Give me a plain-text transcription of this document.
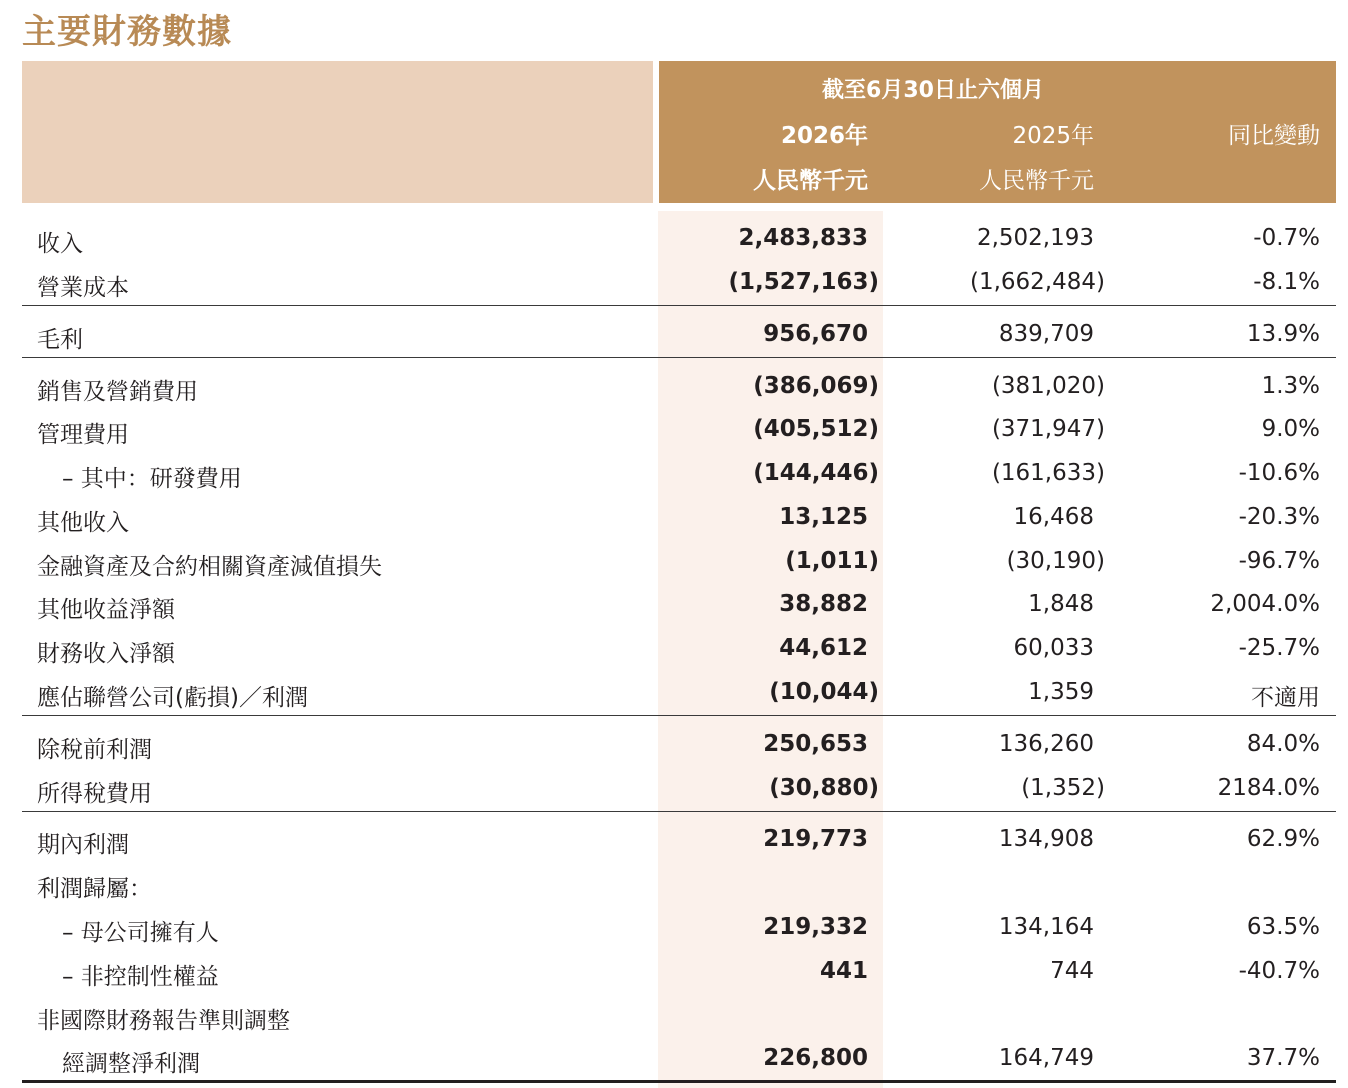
主要財務數據
截至6月30日止六個月
2026年
人民幣千元
2025年
人民幣千元
同比變動
收入	2,483,833	2,502,193	-0.7%
營業成本	(1,527,163)	(1,662,484)	-8.1%
毛利	956,670	839,709	13.9%
銷售及營銷費用	(386,069)	(381,020)	1.3%
管理費用	(405,512)	(371,947)	9.0%
– 其中：研發費用	(144,446)	(161,633)	-10.6%
其他收入	13,125	16,468	-20.3%
金融資產及合約相關資產減值損失	(1,011)	(30,190)	-96.7%
其他收益淨額	38,882	1,848	2,004.0%
財務收入淨額	44,612	60,033	-25.7%
應佔聯營公司(虧損)／利潤	(10,044)	1,359	不適用
除稅前利潤	250,653	136,260	84.0%
所得稅費用	(30,880)	(1,352)	2184.0%
期內利潤	219,773	134,908	62.9%
利潤歸屬：
– 母公司擁有人	219,332	134,164	63.5%
– 非控制性權益	441	744	-40.7%
非國際財務報告準則調整
經調整淨利潤	226,800	164,749	37.7%
